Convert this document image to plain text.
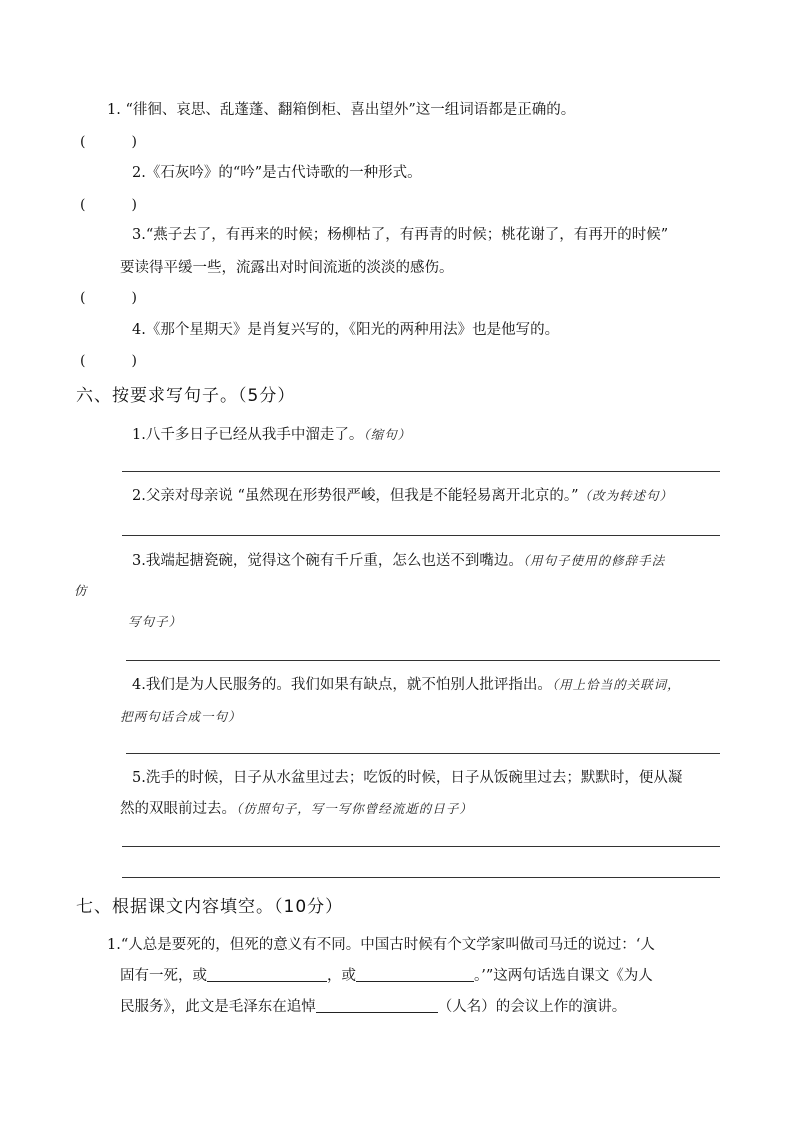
1. “徘徊、哀思、乱蓬蓬、翻箱倒柜、喜出望外”这一组词语都是正确的。
(	)
2.《石灰吟》的“吟”是古代诗歌的一种形式。
(	)
3.“燕子去了，有再来的时候；杨柳枯了，有再青的时候；桃花谢了，有再开的时候”
要读得平缓一些，流露出对时间流逝的淡淡的感伤。
(	)
4.《那个星期天》是肖复兴写的，《阳光的两种用法》也是他写的。
(	)
六、按要求写句子。（5分）
1.八千多日子已经从我手中溜走了。（缩句）
2.父亲对母亲说 “虽然现在形势很严峻，但我是不能轻易离开北京的。”（改为转述句）
3.我端起搪瓷碗，觉得这个碗有千斤重，怎么也送不到嘴边。（用句子使用的修辞手法
仿
写句子）
4.我们是为人民服务的。我们如果有缺点，就不怕别人批评指出。（用上恰当的关联词，
把两句话合成一句）
5.洗手的时候，日子从水盆里过去；吃饭的时候，日子从饭碗里过去；默默时，便从凝
然的双眼前过去。（仿照句子，写一写你曾经流逝的日子）
七、根据课文内容填空。（10分）
1.“人总是要死的，但死的意义有不同。中国古时候有个文学家叫做司马迁的说过：‘人
固有一死，或	，或	。’”这两句话选自课文《为人
民服务》，此文是毛泽东在追悼	（人名）的会议上作的演讲。
